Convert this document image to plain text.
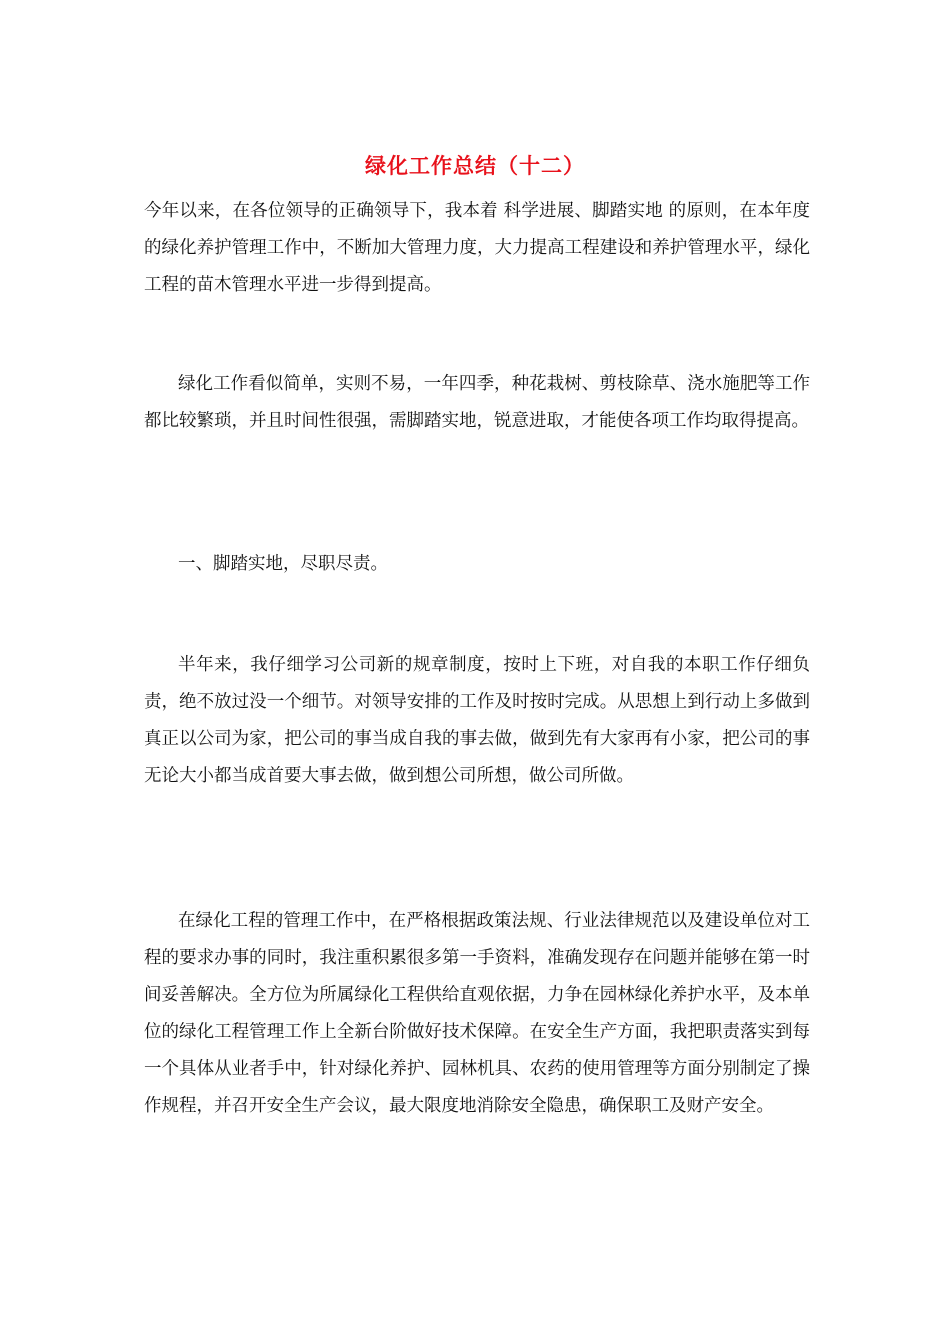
绿化工作总结（十二）

今年以来，在各位领导的正确领导下，我本着 科学进展、脚踏实地 的原则，在本年度的绿化养护管理工作中，不断加大管理力度，大力提高工程建设和养护管理水平，绿化工程的苗木管理水平进一步得到提高。

绿化工作看似简单，实则不易，一年四季，种花栽树、剪枝除草、浇水施肥等工作都比较繁琐，并且时间性很强，需脚踏实地，锐意进取，才能使各项工作均取得提高。

一、脚踏实地，尽职尽责。

半年来，我仔细学习公司新的规章制度，按时上下班，对自我的本职工作仔细负责，绝不放过没一个细节。对领导安排的工作及时按时完成。从思想上到行动上多做到真正以公司为家，把公司的事当成自我的事去做，做到先有大家再有小家，把公司的事无论大小都当成首要大事去做，做到想公司所想，做公司所做。

在绿化工程的管理工作中，在严格根据政策法规、行业法律规范以及建设单位对工程的要求办事的同时，我注重积累很多第一手资料，准确发现存在问题并能够在第一时间妥善解决。全方位为所属绿化工程供给直观依据，力争在园林绿化养护水平，及本单位的绿化工程管理工作上全新台阶做好技术保障。在安全生产方面，我把职责落实到每一个具体从业者手中，针对绿化养护、园林机具、农药的使用管理等方面分别制定了操作规程，并召开安全生产会议，最大限度地消除安全隐患，确保职工及财产安全。
